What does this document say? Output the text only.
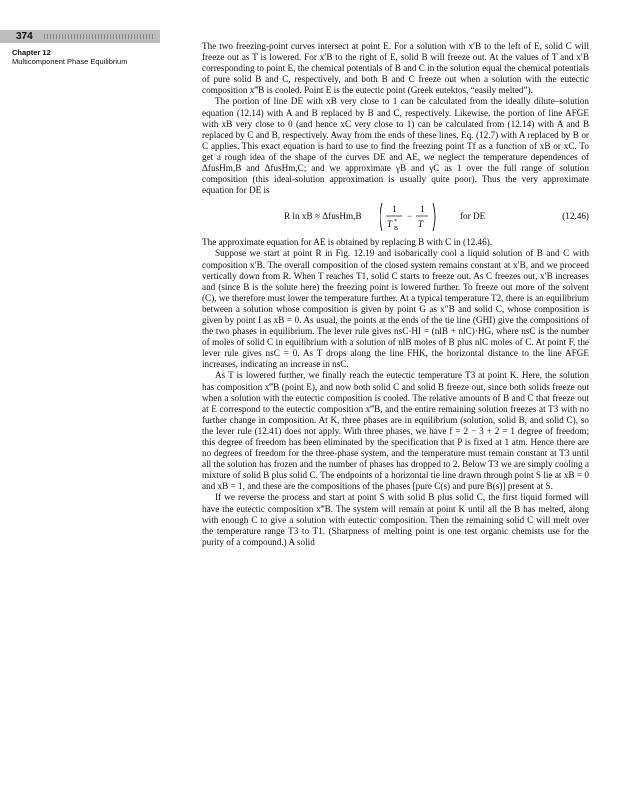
374
Chapter 12
Multicomponent Phase Equilibrium

The two freezing-point curves intersect at point E. For a solution with x′B to the left of E, solid C will freeze out as T is lowered. For x′B to the right of E, solid B will freeze out. At the values of T and x′B corresponding to point E, the chemical potentials of B and C in the solution equal the chemical potentials of pure solid B and C, respectively, and both B and C freeze out when a solution with the eutectic composition x‴B is cooled. Point E is the eutectic point (Greek eutektos, “easily melted”).

The portion of line DE with xB very close to 1 can be calculated from the ideally dilute–solution equation (12.14) with A and B replaced by B and C, respectively. Likewise, the portion of line AFGE with xB very close to 0 (and hence xC very close to 1) can be calculated from (12.14) with A and B replaced by C and B, respectively. Away from the ends of these lines, Eq. (12.7) with A replaced by B or C applies. This exact equation is hard to use to find the freezing point Tf as a function of xB or xC. To get a rough idea of the shape of the curves DE and AE, we neglect the temperature dependences of ΔfusHm,B and ΔfusHm,C; and we approximate γB and γC as 1 over the full range of solution composition (this ideal-solution approximation is usually quite poor). Thus the very approximate equation for DE is

R ln xB ≈ ΔfusHm,B
1
T *
B
−
1
T
for DE	(12.46)

The approximate equation for AE is obtained by replacing B with C in (12.46).

Suppose we start at point R in Fig. 12.19 and isobarically cool a liquid solution of B and C with composition x′B. The overall composition of the closed system remains constant at x′B, and we proceed vertically down from R. When T reaches T1, solid C starts to freeze out. As C freezes out, x′B increases and (since B is the solute here) the freezing point is lowered further. To freeze out more of the solvent (C), we therefore must lower the temperature further. At a typical temperature T2, there is an equilibrium between a solution whose composition is given by point G as x″B and solid C, whose composition is given by point I as xB = 0. As usual, the points at the ends of the tie line (GHI) give the compositions of the two phases in equilibrium. The lever rule gives nsC·HI = (nlB + nlC)·HG, where nsC is the number of moles of solid C in equilibrium with a solution of nlB moles of B plus nlC moles of C. At point F, the lever rule gives nsC = 0. As T drops along the line FHK, the horizontal distance to the line AFGE increases, indicating an increase in nsC.

As T is lowered further, we finally reach the eutectic temperature T3 at point K. Here, the solution has composition x‴B (point E), and now both solid C and solid B freeze out, since both solids freeze out when a solution with the eutectic composition is cooled. The relative amounts of B and C that freeze out at E correspond to the eutectic composition x‴B, and the entire remaining solution freezes at T3 with no further change in composition. At K, three phases are in equilibrium (solution, solid B, and solid C), so the lever rule (12.41) does not apply. With three phases, we have f = 2 − 3 + 2 = 1 degree of freedom; this degree of freedom has been eliminated by the specification that P is fixed at 1 atm. Hence there are no degrees of freedom for the three-phase system, and the temperature must remain constant at T3 until all the solution has frozen and the number of phases has dropped to 2. Below T3 we are simply cooling a mixture of solid B plus solid C. The endpoints of a horizontal tie line drawn through point S lie at xB = 0 and xB = 1, and these are the compositions of the phases [pure C(s) and pure B(s)] present at S.

If we reverse the process and start at point S with solid B plus solid C, the first liquid formed will have the eutectic composition x‴B. The system will remain at point K until all the B has melted, along with enough C to give a solution with eutectic composition. Then the remaining solid C will melt over the temperature range T3 to T1. (Sharpness of melting point is one test organic chemists use for the purity of a compound.) A solid
